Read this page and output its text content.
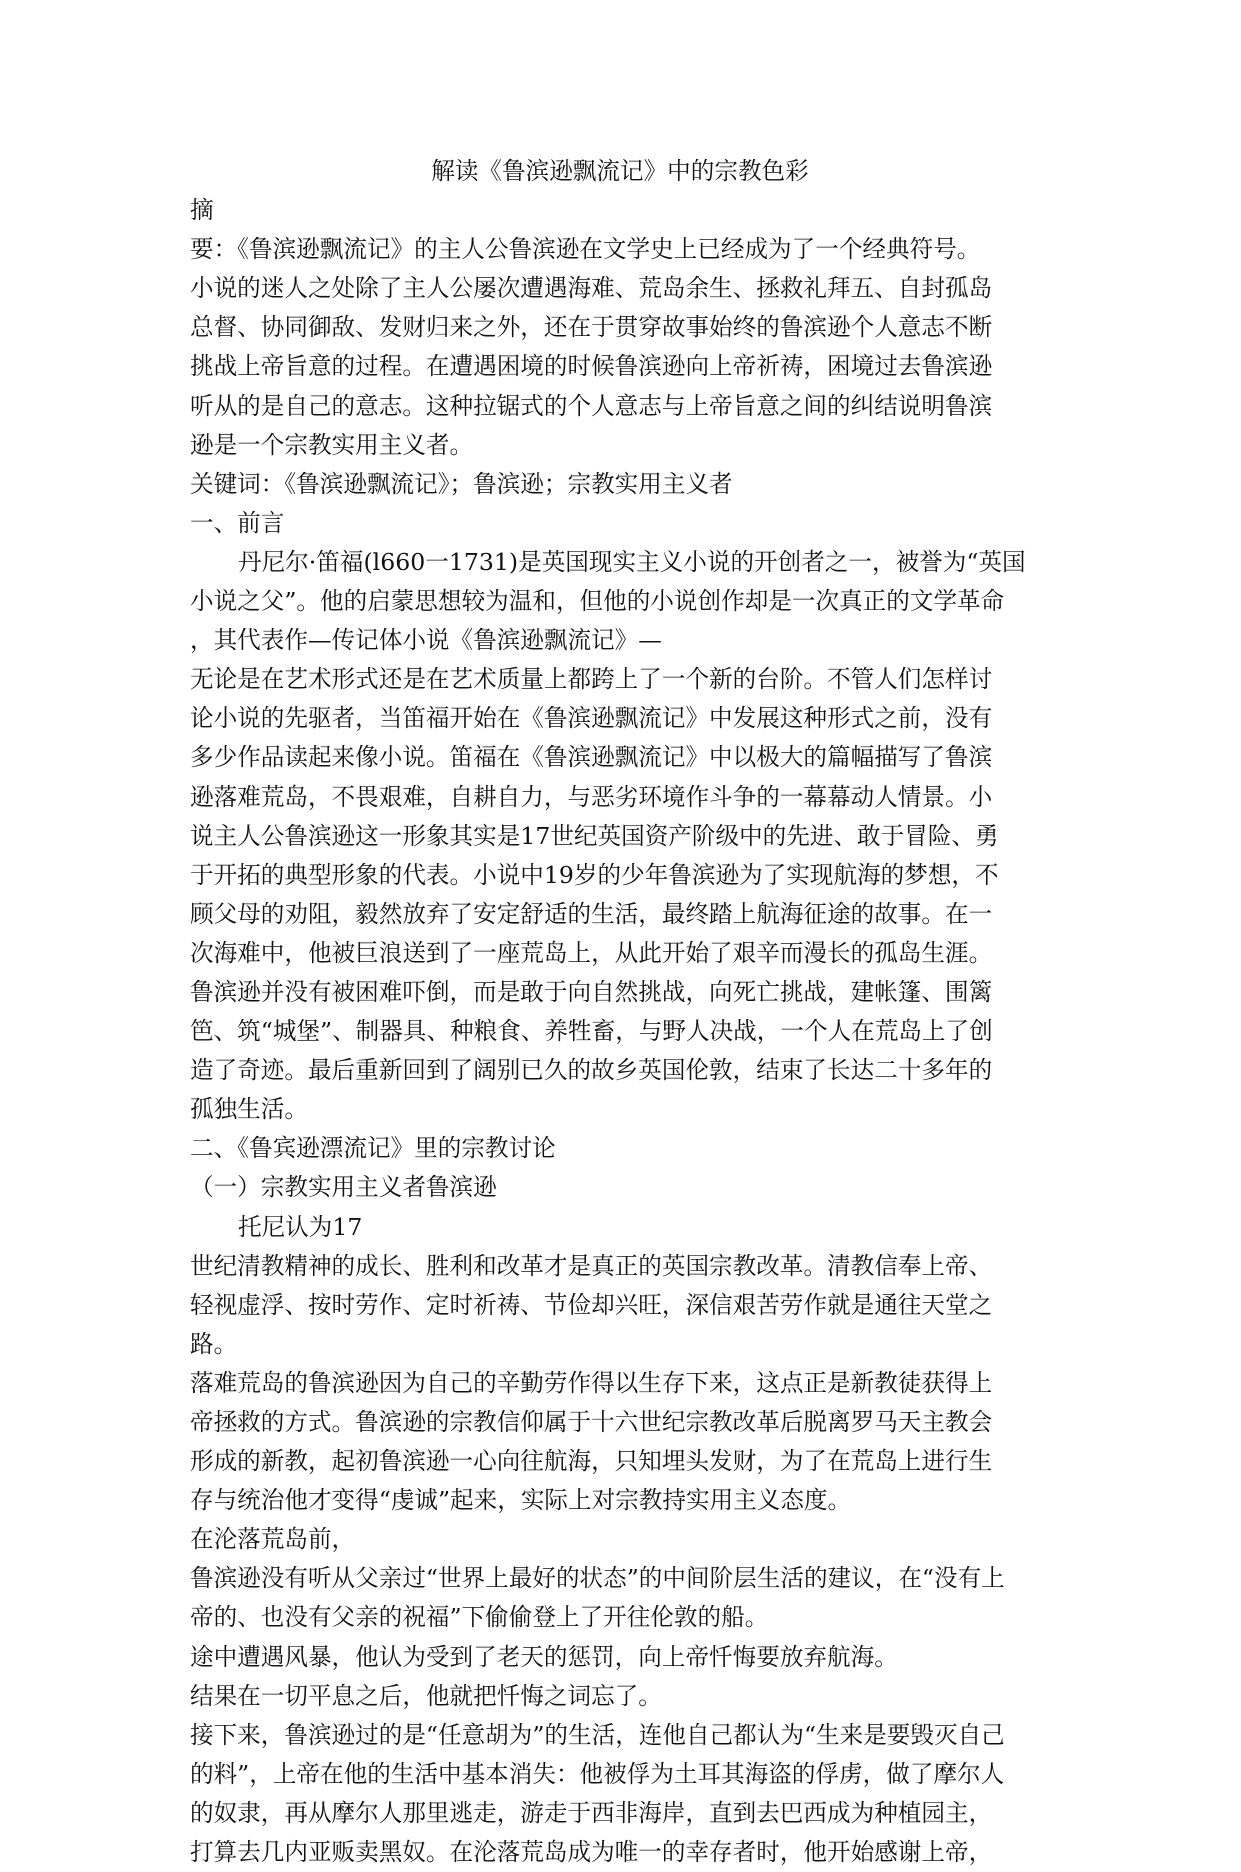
解读《鲁滨逊飘流记》中的宗教色彩

摘

要：《鲁滨逊飘流记》的主人公鲁滨逊在文学史上已经成为了一个经典符号。

小说的迷人之处除了主人公屡次遭遇海难、荒岛余生、拯救礼拜五、自封孤岛

总督、协同御敌、发财归来之外，还在于贯穿故事始终的鲁滨逊个人意志不断

挑战上帝旨意的过程。在遭遇困境的时候鲁滨逊向上帝祈祷，困境过去鲁滨逊

听从的是自己的意志。这种拉锯式的个人意志与上帝旨意之间的纠结说明鲁滨

逊是一个宗教实用主义者。

关键词：《鲁滨逊飘流记》；鲁滨逊；宗教实用主义者

一、前言

丹尼尔·笛福(l660一1731)是英国现实主义小说的开创者之一，被誉为“英国

小说之父”。他的启蒙思想较为温和，但他的小说创作却是一次真正的文学革命

，其代表作—传记体小说《鲁滨逊飘流记》—

无论是在艺术形式还是在艺术质量上都跨上了一个新的台阶。不管人们怎样讨

论小说的先驱者，当笛福开始在《鲁滨逊飘流记》中发展这种形式之前，没有

多少作品读起来像小说。笛福在《鲁滨逊飘流记》中以极大的篇幅描写了鲁滨

逊落难荒岛，不畏艰难，自耕自力，与恶劣环境作斗争的一幕幕动人情景。小

说主人公鲁滨逊这一形象其实是17世纪英国资产阶级中的先进、敢于冒险、勇

于开拓的典型形象的代表。小说中19岁的少年鲁滨逊为了实现航海的梦想，不

顾父母的劝阻，毅然放弃了安定舒适的生活，最终踏上航海征途的故事。在一

次海难中，他被巨浪送到了一座荒岛上，从此开始了艰辛而漫长的孤岛生涯。

鲁滨逊并没有被困难吓倒，而是敢于向自然挑战，向死亡挑战，建帐篷、围篱

笆、筑“城堡”、制器具、种粮食、养牲畜，与野人决战，一个人在荒岛上了创

造了奇迹。最后重新回到了阔别已久的故乡英国伦敦，结束了长达二十多年的

孤独生活。

二、《鲁宾逊漂流记》里的宗教讨论

（一）宗教实用主义者鲁滨逊

托尼认为17

世纪清教精神的成长、胜利和改革才是真正的英国宗教改革。清教信奉上帝、

轻视虚浮、按时劳作、定时祈祷、节俭却兴旺，深信艰苦劳作就是通往天堂之

路。

落难荒岛的鲁滨逊因为自己的辛勤劳作得以生存下来，这点正是新教徒获得上

帝拯救的方式。鲁滨逊的宗教信仰属于十六世纪宗教改革后脱离罗马天主教会

形成的新教，起初鲁滨逊一心向往航海，只知埋头发财，为了在荒岛上进行生

存与统治他才变得“虔诚”起来，实际上对宗教持实用主义态度。

在沦落荒岛前，

鲁滨逊没有听从父亲过“世界上最好的状态”的中间阶层生活的建议，在“没有上

帝的、也没有父亲的祝福”下偷偷登上了开往伦敦的船。

途中遭遇风暴，他认为受到了老天的惩罚，向上帝忏悔要放弃航海。

结果在一切平息之后，他就把忏悔之词忘了。

接下来，鲁滨逊过的是“任意胡为”的生活，连他自己都认为“生来是要毁灭自己

的料”，上帝在他的生活中基本消失：他被俘为土耳其海盗的俘虏，做了摩尔人

的奴隶，再从摩尔人那里逃走，游走于西非海岸，直到去巴西成为种植园主，

打算去几内亚贩卖黑奴。在沦落荒岛成为唯一的幸存者时，他开始感谢上帝，
